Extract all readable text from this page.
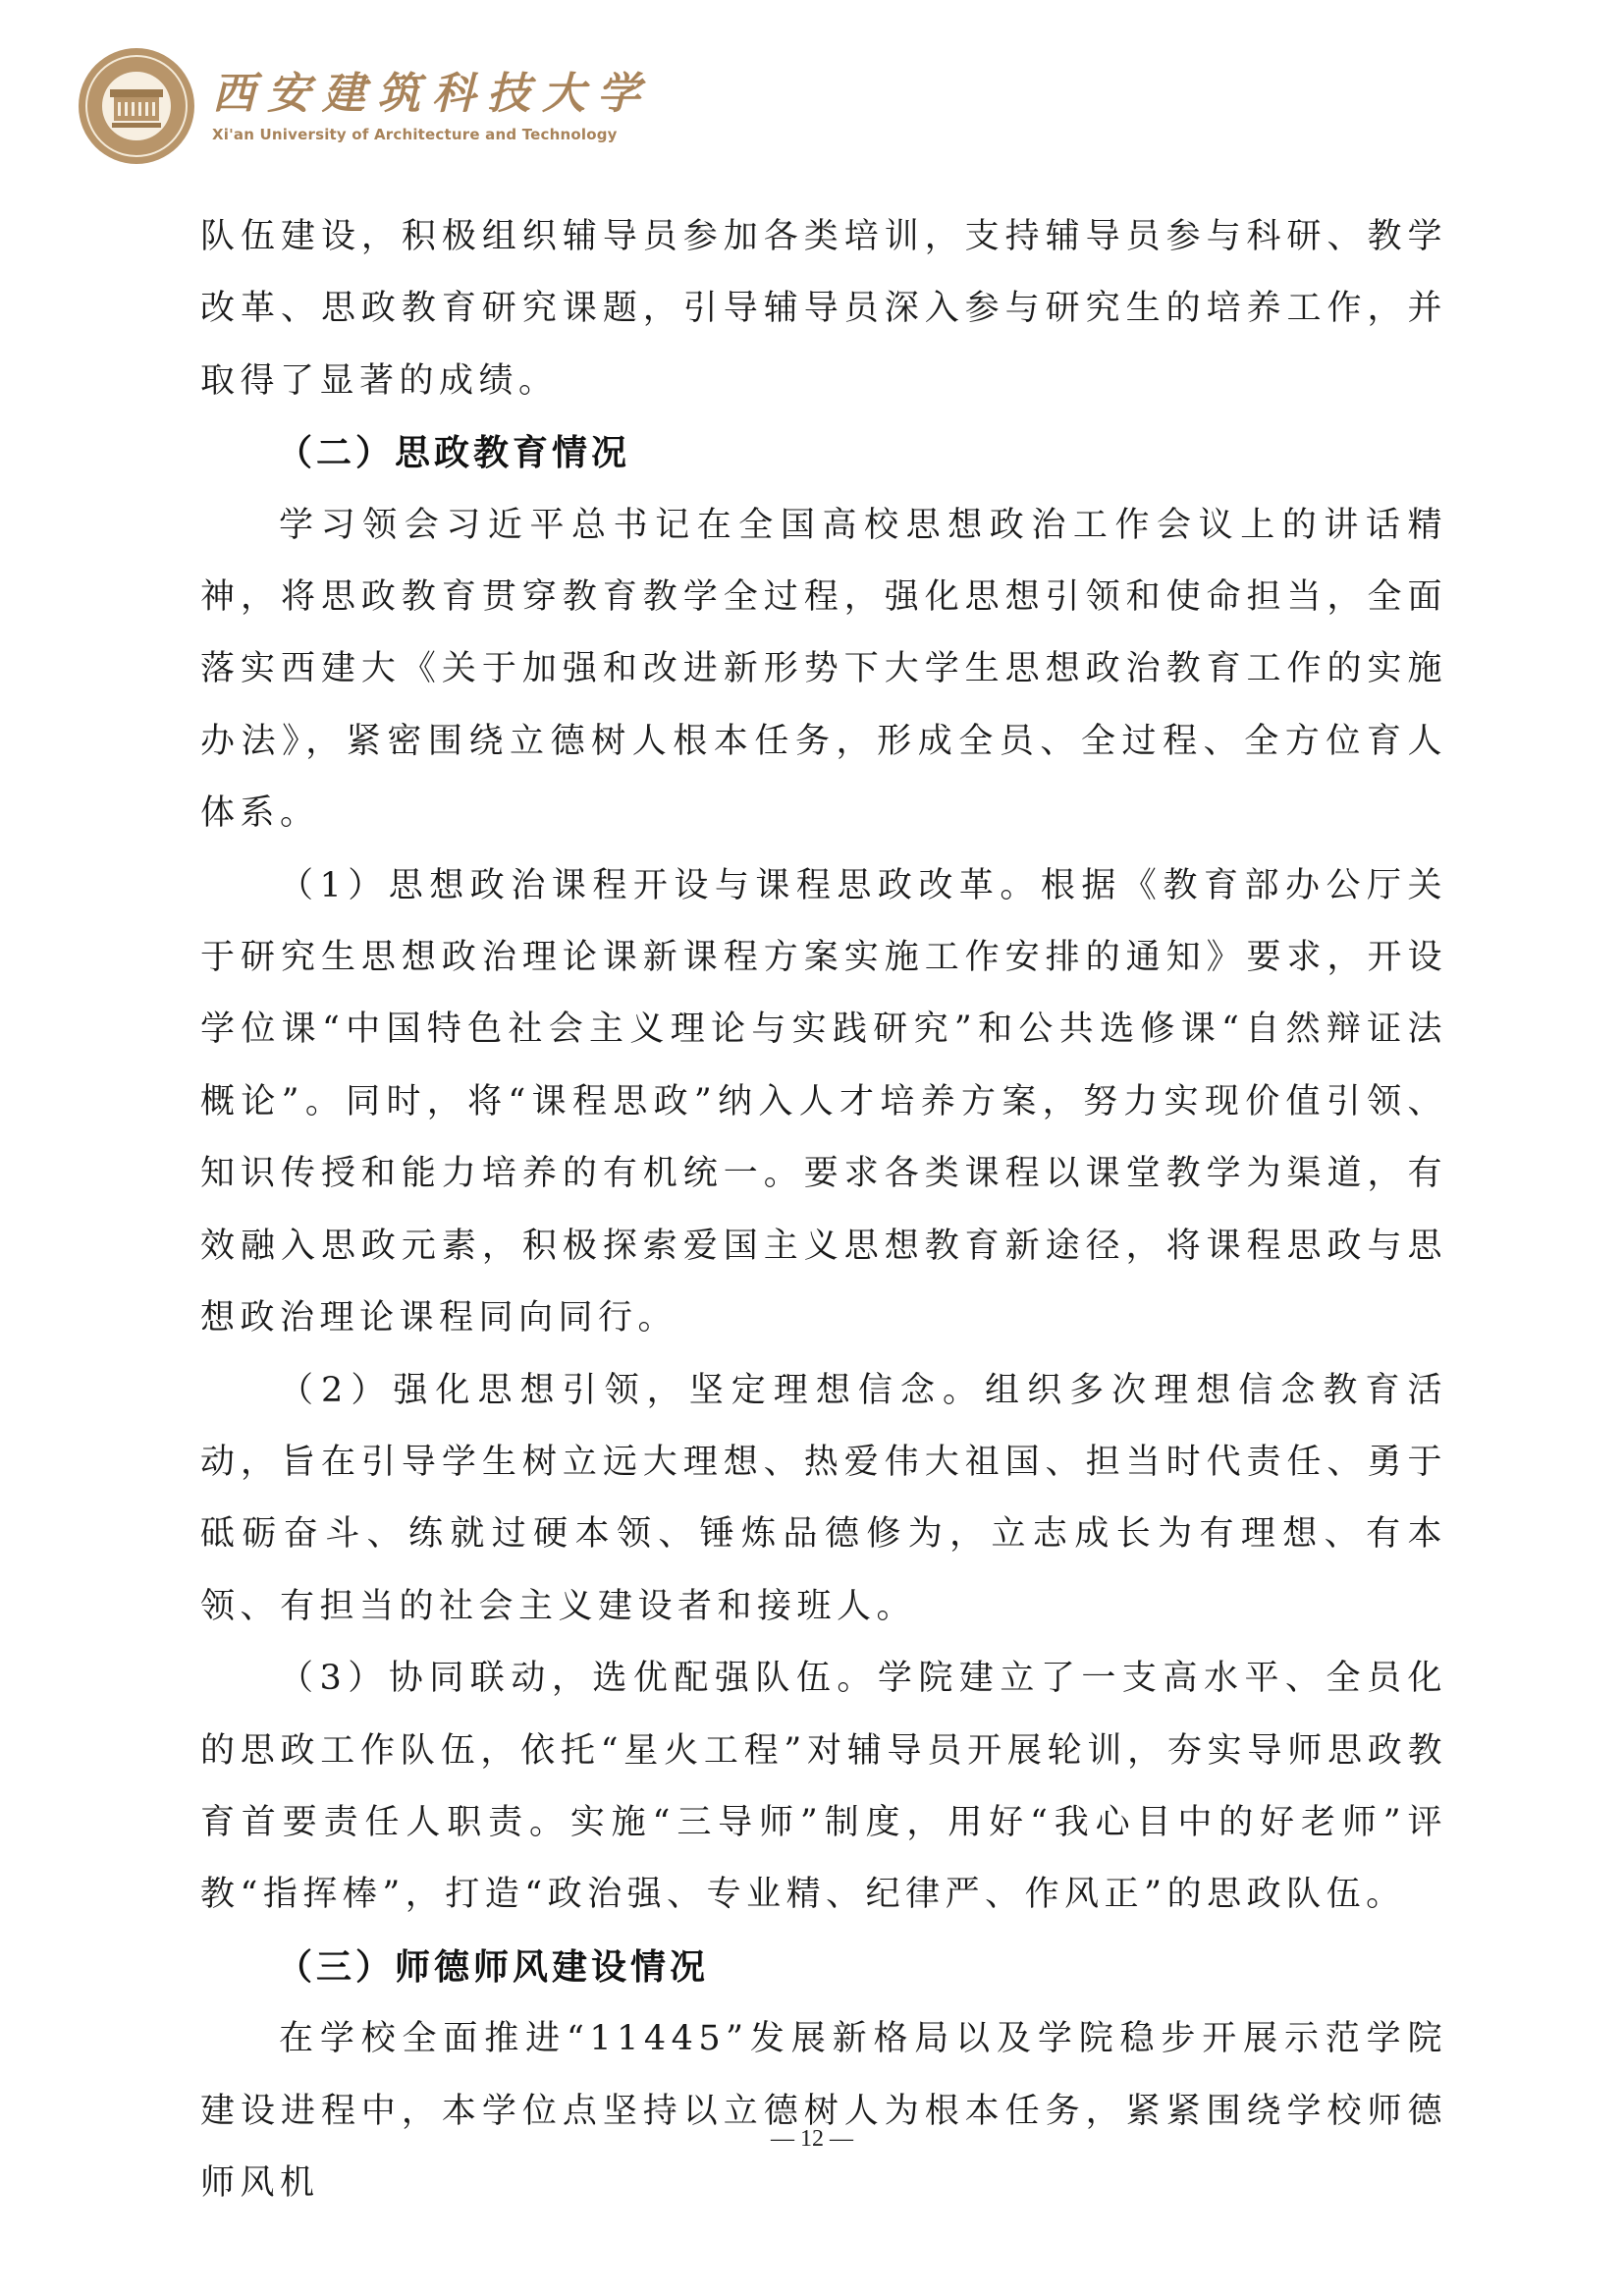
西安建筑科技大学
Xi'an University of Architecture and Technology

队伍建设，积极组织辅导员参加各类培训，支持辅导员参与科研、教学改革、思政教育研究课题，引导辅导员深入参与研究生的培养工作，并取得了显著的成绩。

（二）思政教育情况

学习领会习近平总书记在全国高校思想政治工作会议上的讲话精神，将思政教育贯穿教育教学全过程，强化思想引领和使命担当，全面落实西建大《关于加强和改进新形势下大学生思想政治教育工作的实施办法》，紧密围绕立德树人根本任务，形成全员、全过程、全方位育人体系。

（1）思想政治课程开设与课程思政改革。根据《教育部办公厅关于研究生思想政治理论课新课程方案实施工作安排的通知》要求，开设学位课“中国特色社会主义理论与实践研究”和公共选修课“自然辩证法概论”。同时，将“课程思政”纳入人才培养方案，努力实现价值引领、知识传授和能力培养的有机统一。要求各类课程以课堂教学为渠道，有效融入思政元素，积极探索爱国主义思想教育新途径，将课程思政与思想政治理论课程同向同行。

（2）强化思想引领，坚定理想信念。组织多次理想信念教育活动，旨在引导学生树立远大理想、热爱伟大祖国、担当时代责任、勇于砥砺奋斗、练就过硬本领、锤炼品德修为，立志成长为有理想、有本领、有担当的社会主义建设者和接班人。

（3）协同联动，选优配强队伍。学院建立了一支高水平、全员化的思政工作队伍，依托“星火工程”对辅导员开展轮训，夯实导师思政教育首要责任人职责。实施“三导师”制度，用好“我心目中的好老师”评教“指挥棒”，打造“政治强、专业精、纪律严、作风正”的思政队伍。

（三）师德师风建设情况

在学校全面推进“11445”发展新格局以及学院稳步开展示范学院建设进程中，本学位点坚持以立德树人为根本任务，紧紧围绕学校师德师风机

— 12 —
